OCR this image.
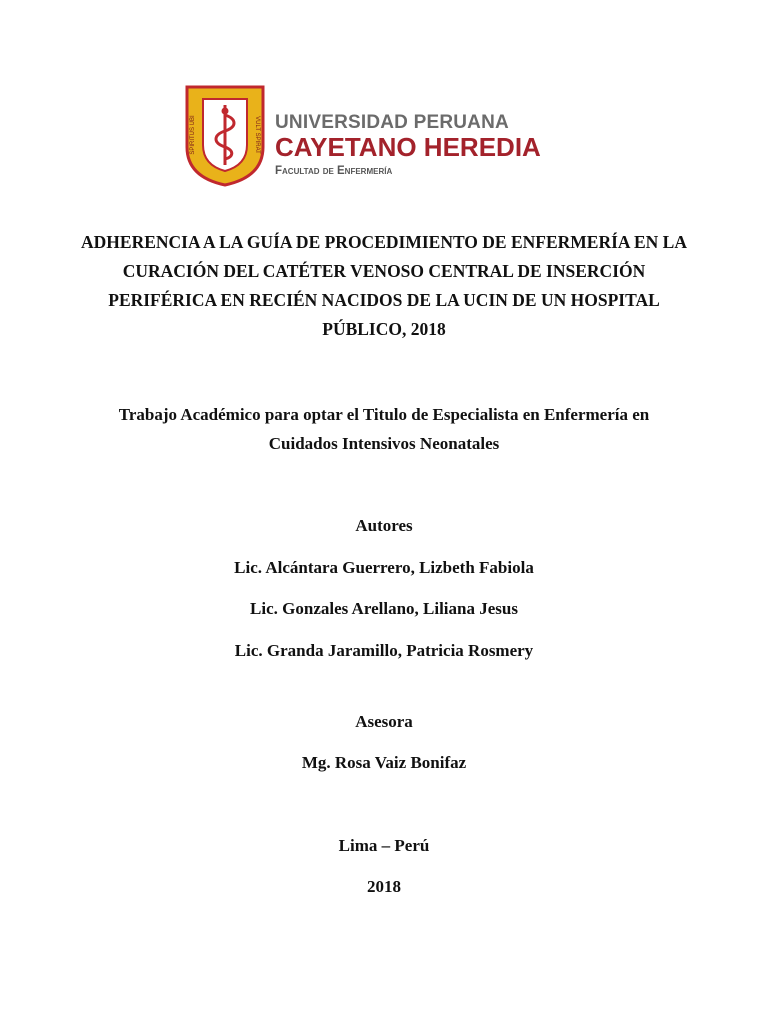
SPIRITUS UBI	VULT SPIRAT UNIVERSIDAD PERUANA
CAYETANO HEREDIA
Facultad de Enfermería
ADHERENCIA A LA GUÍA DE PROCEDIMIENTO DE ENFERMERÍA EN LA CURACIÓN DEL CATÉTER VENOSO CENTRAL DE INSERCIÓN PERIFÉRICA EN RECIÉN NACIDOS DE LA UCIN DE UN HOSPITAL PÚBLICO, 2018
Trabajo Académico para optar el Titulo de Especialista en Enfermería en Cuidados Intensivos Neonatales
Autores
Lic. Alcántara Guerrero, Lizbeth Fabiola
Lic. Gonzales Arellano, Liliana Jesus
Lic. Granda Jaramillo, Patricia Rosmery
Asesora
Mg. Rosa Vaiz Bonifaz
Lima – Perú
2018
